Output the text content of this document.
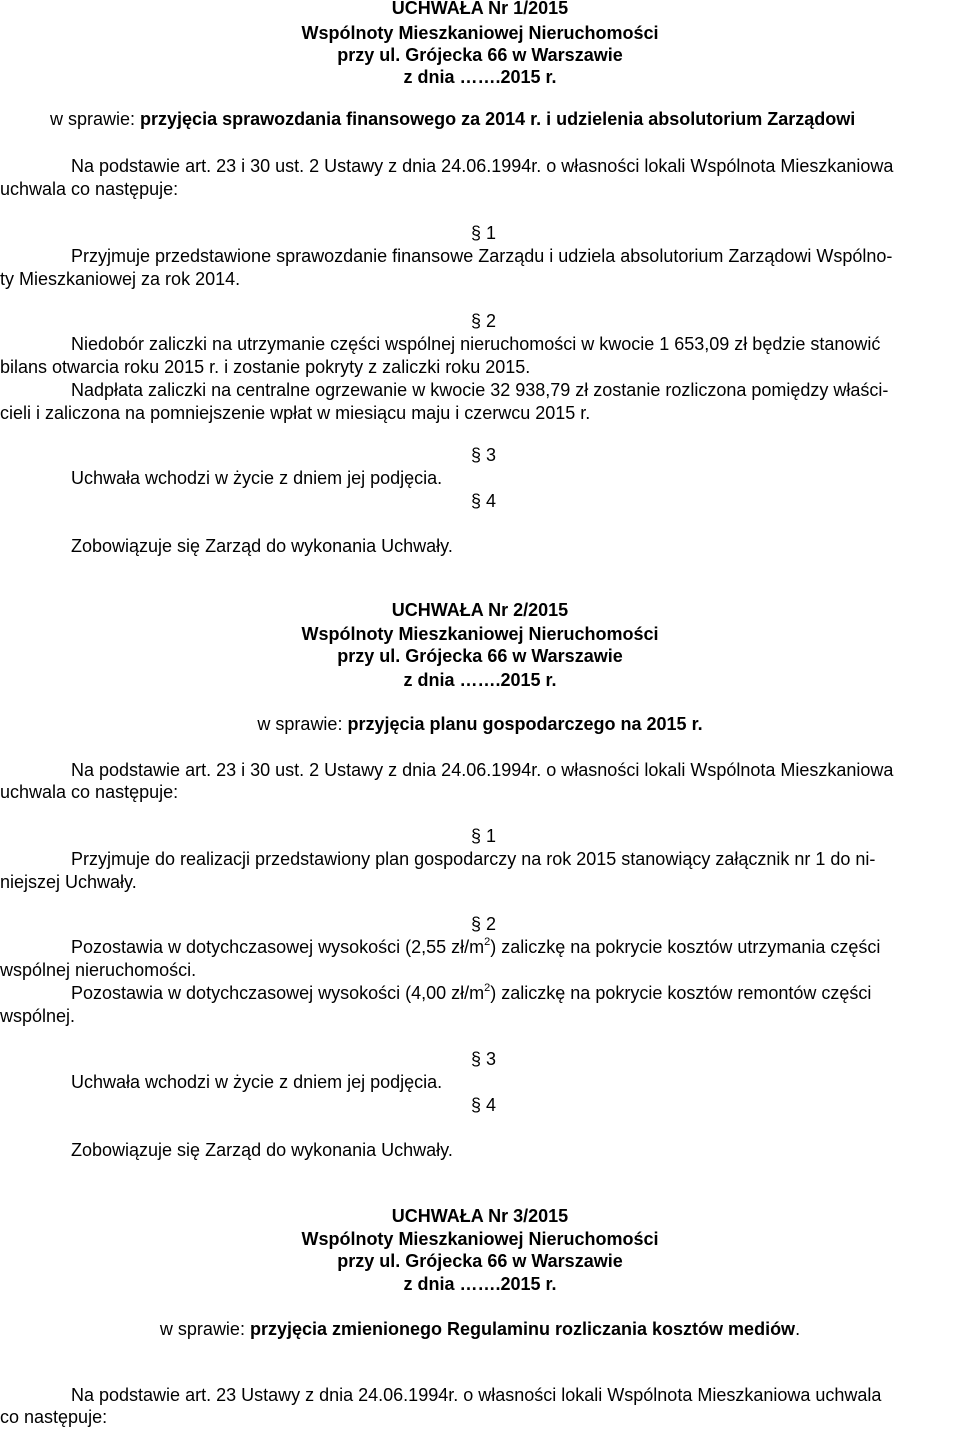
UCHWAŁA Nr 1/2015

Wspólnoty Mieszkaniowej Nieruchomości

przy ul. Grójecka 66 w Warszawie

z dnia …….2015 r.

w sprawie: przyjęcia sprawozdania finansowego za 2014 r. i udzielenia absolutorium Zarządowi

Na podstawie art. 23 i 30 ust. 2 Ustawy z dnia 24.06.1994r. o własności lokali Wspólnota Mieszkaniowa

uchwala co następuje:

§ 1

Przyjmuje przedstawione sprawozdanie finansowe Zarządu i udziela absolutorium Zarządowi Wspólno-

ty Mieszkaniowej za rok 2014.

§ 2

Niedobór zaliczki na utrzymanie części wspólnej nieruchomości w kwocie 1 653,09 zł będzie stanowić

bilans otwarcia roku 2015 r. i zostanie pokryty z zaliczki roku 2015.

Nadpłata zaliczki na centralne ogrzewanie w kwocie 32 938,79 zł zostanie rozliczona pomiędzy właści-

cieli i zaliczona na pomniejszenie wpłat w miesiącu maju i czerwcu 2015 r.

§ 3

Uchwała wchodzi w życie z dniem jej podjęcia.

§ 4

Zobowiązuje się Zarząd do wykonania Uchwały.

UCHWAŁA Nr 2/2015

Wspólnoty Mieszkaniowej Nieruchomości

przy ul. Grójecka 66 w Warszawie

z dnia …….2015 r.

w sprawie: przyjęcia planu gospodarczego na 2015 r.

Na podstawie art. 23 i 30 ust. 2 Ustawy z dnia 24.06.1994r. o własności lokali Wspólnota Mieszkaniowa

uchwala co następuje:

§ 1

Przyjmuje do realizacji przedstawiony plan gospodarczy na rok 2015 stanowiący załącznik nr 1 do ni-

niejszej Uchwały.

§ 2

Pozostawia w dotychczasowej wysokości (2,55 $zł/m^2$) zaliczkę na pokrycie kosztów utrzymania części

wspólnej nieruchomości.

Pozostawia w dotychczasowej wysokości (4,00 $zł/m^2$) zaliczkę na pokrycie kosztów remontów części

wspólnej.

§ 3

Uchwała wchodzi w życie z dniem jej podjęcia.

§ 4

Zobowiązuje się Zarząd do wykonania Uchwały.

UCHWAŁA Nr 3/2015

Wspólnoty Mieszkaniowej Nieruchomości

przy ul. Grójecka 66 w Warszawie

z dnia …….2015 r.

w sprawie: przyjęcia zmienionego Regulaminu rozliczania kosztów mediów.

Na podstawie art. 23 Ustawy z dnia 24.06.1994r. o własności lokali Wspólnota Mieszkaniowa uchwala

co następuje:
